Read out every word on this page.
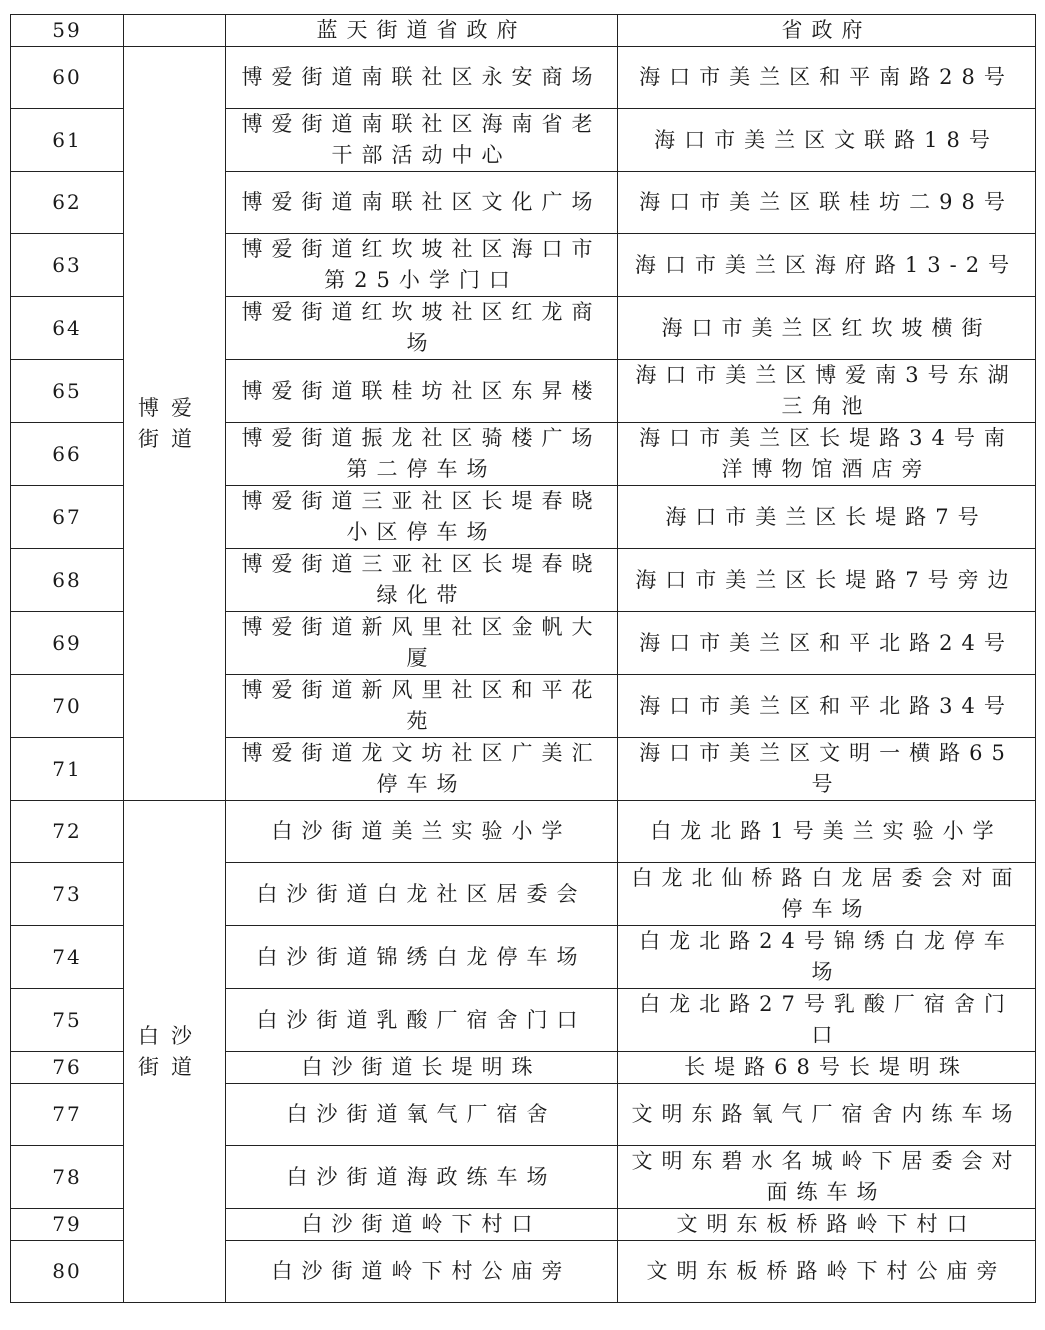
59		蓝天街道省政府	省政府
60	博爱街道	博爱街道南联社区永安商场	海口市美兰区和平南路28号
61		博爱街道南联社区海南省老干部活动中心	海口市美兰区文联路18号
62		博爱街道南联社区文化广场	海口市美兰区联桂坊二98号
63		博爱街道红坎坡社区海口市第25小学门口	海口市美兰区海府路13-2号
64		博爱街道红坎坡社区红龙商场	海口市美兰区红坎坡横街
65		博爱街道联桂坊社区东昇楼	海口市美兰区博爱南3号东湖三角池
66		博爱街道振龙社区骑楼广场第二停车场	海口市美兰区长堤路34号南洋博物馆酒店旁
67		博爱街道三亚社区长堤春晓小区停车场	海口市美兰区长堤路7号
68		博爱街道三亚社区长堤春晓绿化带	海口市美兰区长堤路7号旁边
69		博爱街道新风里社区金帆大厦	海口市美兰区和平北路24号
70		博爱街道新风里社区和平花苑	海口市美兰区和平北路34号
71		博爱街道龙文坊社区广美汇停车场	海口市美兰区文明一横路65号
72	白沙街道	白沙街道美兰实验小学	白龙北路1号美兰实验小学
73		白沙街道白龙社区居委会	白龙北仙桥路白龙居委会对面停车场
74		白沙街道锦绣白龙停车场	白龙北路24号锦绣白龙停车场
75		白沙街道乳酸厂宿舍门口	白龙北路27号乳酸厂宿舍门口
76		白沙街道长堤明珠	长堤路68号长堤明珠
77		白沙街道氧气厂宿舍	文明东路氧气厂宿舍内练车场
78		白沙街道海政练车场	文明东碧水名城岭下居委会对面练车场
79		白沙街道岭下村口	文明东板桥路岭下村口
80		白沙街道岭下村公庙旁	文明东板桥路岭下村公庙旁
